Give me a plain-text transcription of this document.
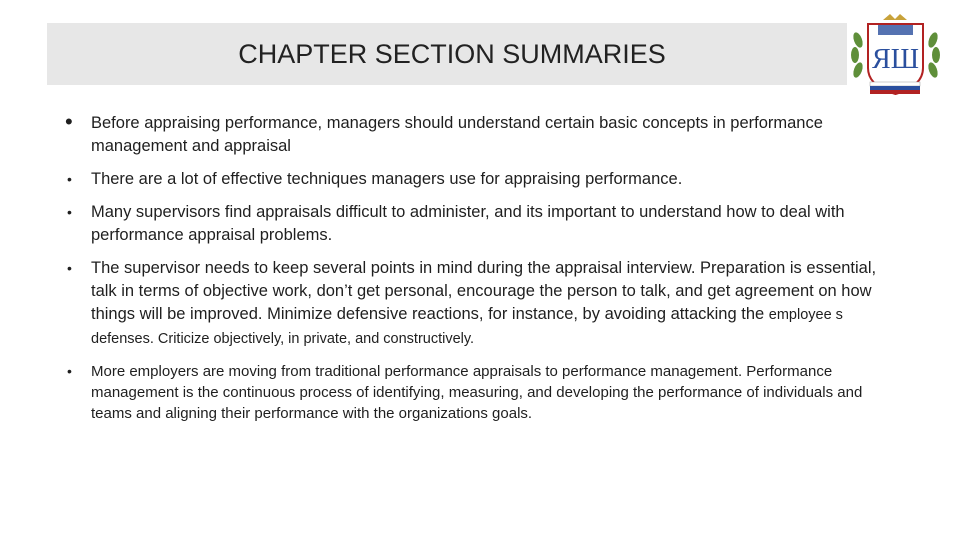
CHAPTER SECTION SUMMARIES	ЯШ
• Before appraising performance, managers should understand certain basic concepts in performance management and appraisal
• There are a lot of effective techniques managers use for appraising performance.
• Many supervisors find appraisals difficult to administer, and its important to understand how to deal with performance appraisal problems.
• The supervisor needs to keep several points in mind during the appraisal interview. Preparation is essential, talk in terms of objective work, don’t get personal, encourage the person to talk, and get agreement on how things will be improved. Minimize defensive reactions, for instance, by avoiding attacking the employee s defenses. Criticize objectively, in private, and constructively.
• More employers are moving from traditional performance appraisals to performance management. Performance management is the continuous process of identifying, measuring, and developing the performance of individuals and teams and aligning their performance with the organizations goals.
